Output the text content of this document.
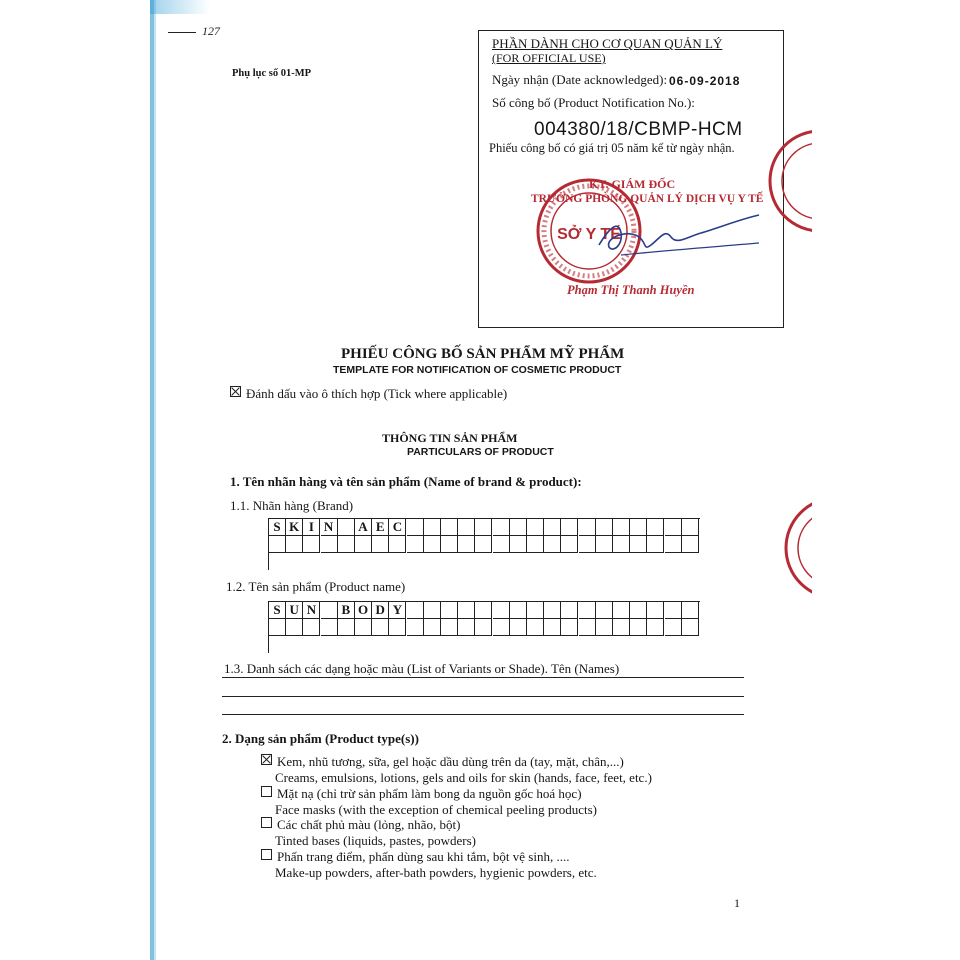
127
Phụ lục số 01-MP
PHẦN DÀNH CHO CƠ QUAN QUẢN LÝ
(FOR OFFICIAL USE)
Ngày nhận (Date acknowledged): 06-09-2018
Số công bố (Product Notification No.):
004380/18/CBMP-HCM
Phiếu công bố có giá trị 05 năm kể từ ngày nhận.
SỞ Y TẾ
KT. GIÁM ĐỐC
TRƯỞNG PHÒNG QUẢN LÝ DỊCH VỤ Y TẾ
Phạm Thị Thanh Huyền
PHIẾU CÔNG BỐ SẢN PHẨM MỸ PHẨM
TEMPLATE FOR NOTIFICATION OF COSMETIC PRODUCT
Đánh dấu vào ô thích hợp (Tick where applicable)
THÔNG TIN SẢN PHẨM
PARTICULARS OF PRODUCT
1. Tên nhãn hàng và tên sản phẩm (Name of brand & product):
1.1. Nhãn hàng (Brand)
S K I N	A E C
1.2. Tên sản phẩm (Product name)
S U N	B O D Y
1.3. Danh sách các dạng hoặc màu (List of Variants or Shade). Tên (Names)
2. Dạng sản phẩm (Product type(s))
Kem, nhũ tương, sữa, gel hoặc dầu dùng trên da (tay, mặt, chân,...)
Creams, emulsions, lotions, gels and oils for skin (hands, face, feet, etc.)
Mặt nạ (chỉ trừ sản phẩm làm bong da nguồn gốc hoá học)
Face masks (with the exception of chemical peeling products)
Các chất phủ màu (lỏng, nhão, bột)
Tinted bases (liquids, pastes, powders)
Phấn trang điểm, phấn dùng sau khi tắm, bột vệ sinh, ....
Make-up powders, after-bath powders, hygienic powders, etc.
1
